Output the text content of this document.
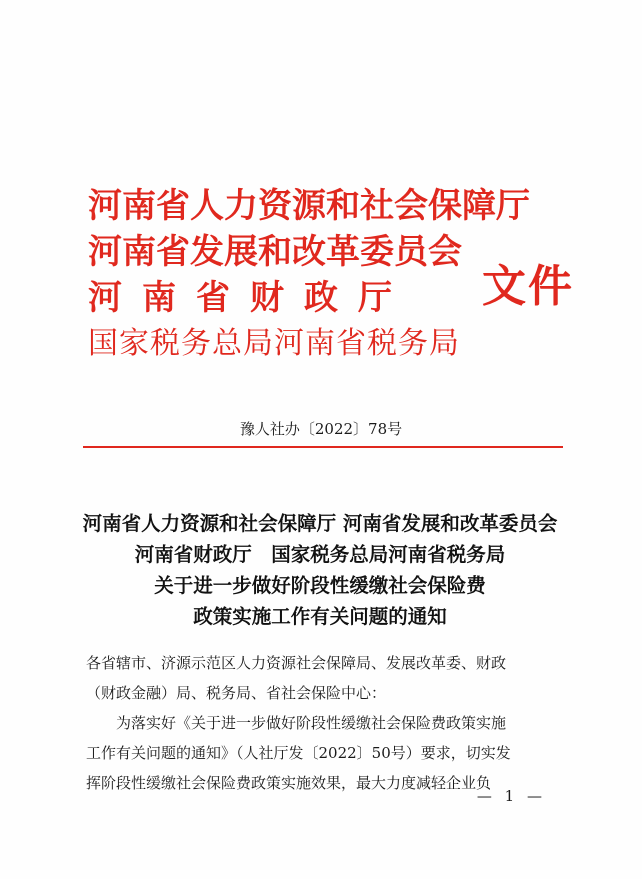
河南省人力资源和社会保障厅
河南省发展和改革委员会
河南省财政厅
国家税务总局河南省税务局
文件
豫人社办〔2022〕78号
河南省人力资源和社会保障厅 河南省发展和改革委员会
河南省财政厅　国家税务总局河南省税务局
关于进一步做好阶段性缓缴社会保险费
政策实施工作有关问题的通知

各省辖市、济源示范区人力资源社会保障局、发展改革委、财政

（财政金融）局、税务局、省社会保险中心：

为落实好《关于进一步做好阶段性缓缴社会保险费政策实施

工作有关问题的通知》（人社厅发〔2022〕50号）要求，切实发

挥阶段性缓缴社会保险费政策实施效果，最大力度减轻企业负

— 1 —
